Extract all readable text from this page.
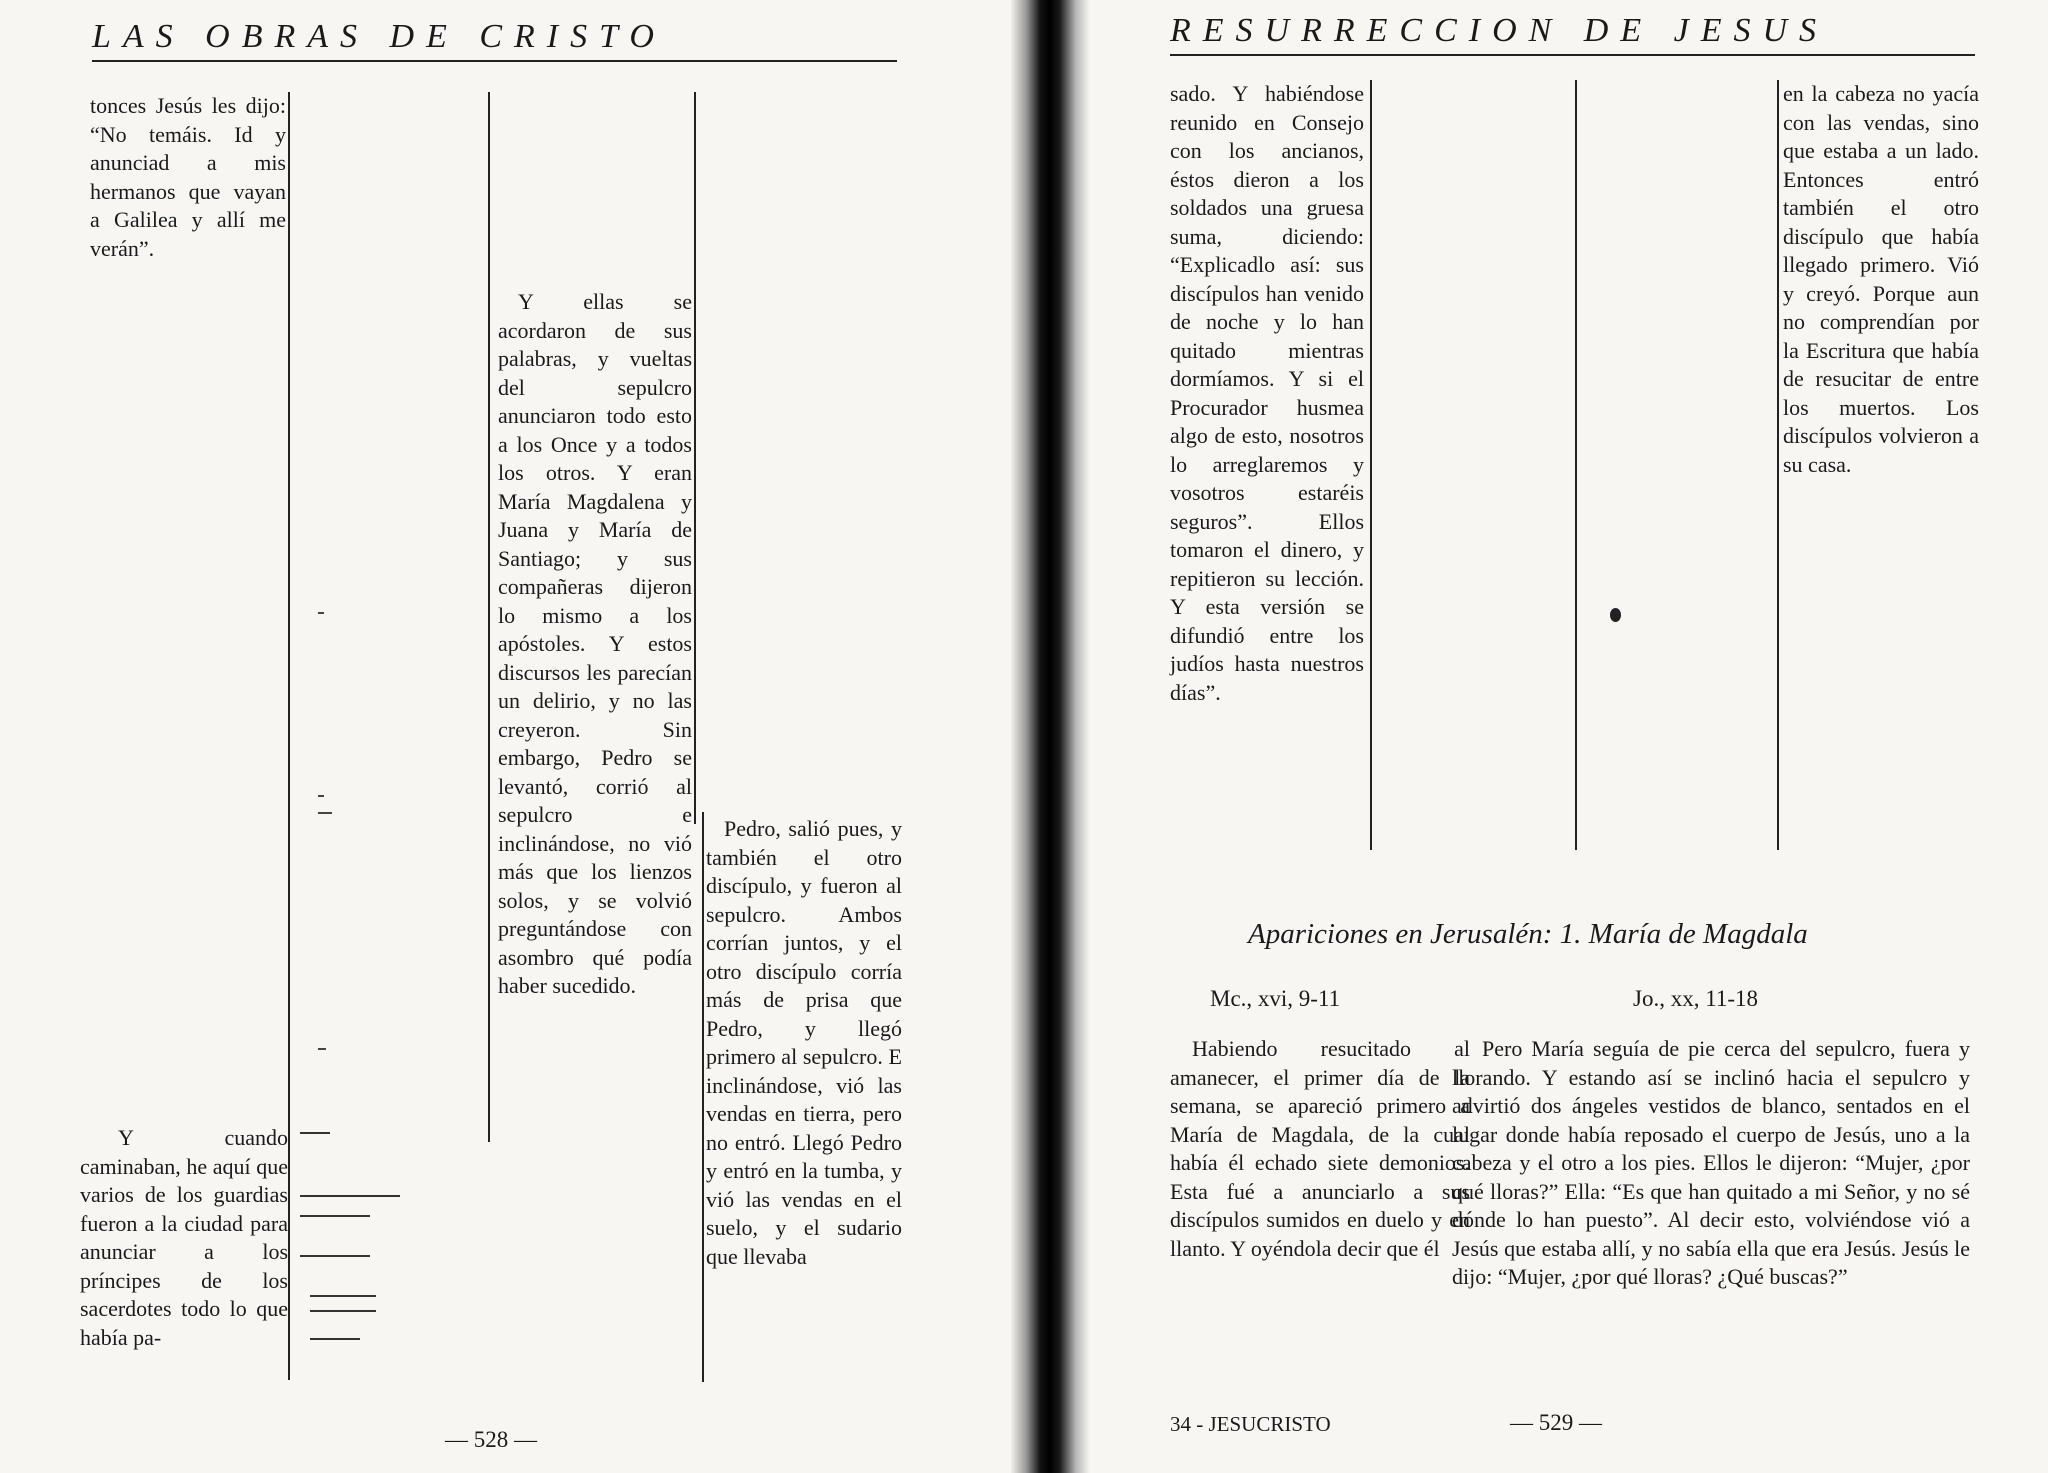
LAS OBRAS DE CRISTO
tonces Jesús les dijo: “No temáis. Id y anunciad a mis hermanos que vayan a Galilea y allí me verán”.
Y cuando caminaban, he aquí que varios de los guardias fueron a la ciudad para anunciar a los príncipes de los sacerdotes todo lo que había pa-
Y ellas se acordaron de sus palabras, y vueltas del sepulcro anunciaron todo esto a los Once y a todos los otros. Y eran María Magdalena y Juana y María de Santiago; y sus compañeras dijeron lo mismo a los apóstoles. Y estos discursos les parecían un delirio, y no las creyeron. Sin embargo, Pedro se levantó, corrió al sepulcro e inclinándose, no vió más que los lienzos solos, y se volvió preguntándose con asombro qué podía haber sucedido.
Pedro, salió pues, y también el otro discípulo, y fueron al sepulcro. Ambos corrían juntos, y el otro discípulo corría más de prisa que Pedro, y llegó primero al sepulcro. E inclinándose, vió las vendas en tierra, pero no entró. Llegó Pedro y entró en la tumba, y vió las vendas en el suelo, y el sudario que llevaba
— 528 —
RESURRECCION DE JESUS
sado. Y habiéndose reunido en Consejo con los ancianos, éstos dieron a los soldados una gruesa suma, diciendo: “Explicadlo así: sus discípulos han venido de noche y lo han quitado mientras dormíamos. Y si el Procurador husmea algo de esto, nosotros lo arreglaremos y vosotros estaréis seguros”. Ellos tomaron el dinero, y repitieron su lección. Y esta versión se difundió entre los judíos hasta nuestros días”.
en la cabeza no yacía con las vendas, sino que estaba a un lado. Entonces entró también el otro discípulo que había llegado primero. Vió y creyó. Porque aun no comprendían por la Escritura que había de resucitar de entre los muertos. Los discípulos volvieron a su casa.
Apariciones en Jerusalén: 1. María de Magdala
Mc., xvi, 9-11	Jo., xx, 11-18
Habiendo resucitado al amanecer, el primer día de la semana, se apareció primero a María de Magdala, de la cual había él echado siete demonios. Esta fué a anunciarlo a sus discípulos sumidos en duelo y en llanto. Y oyéndola decir que él
Pero María seguía de pie cerca del sepulcro, fuera y llorando. Y estando así se inclinó hacia el sepulcro y advirtió dos ángeles vestidos de blanco, sentados en el lugar donde había reposado el cuerpo de Jesús, uno a la cabeza y el otro a los pies. Ellos le dijeron: “Mujer, ¿por qué lloras?” Ella: “Es que han quitado a mi Señor, y no sé dónde lo han puesto”. Al decir esto, volviéndose vió a Jesús que estaba allí, y no sabía ella que era Jesús. Jesús le dijo: “Mujer, ¿por qué lloras? ¿Qué buscas?”
34 - JESUCRISTO	— 529 —
